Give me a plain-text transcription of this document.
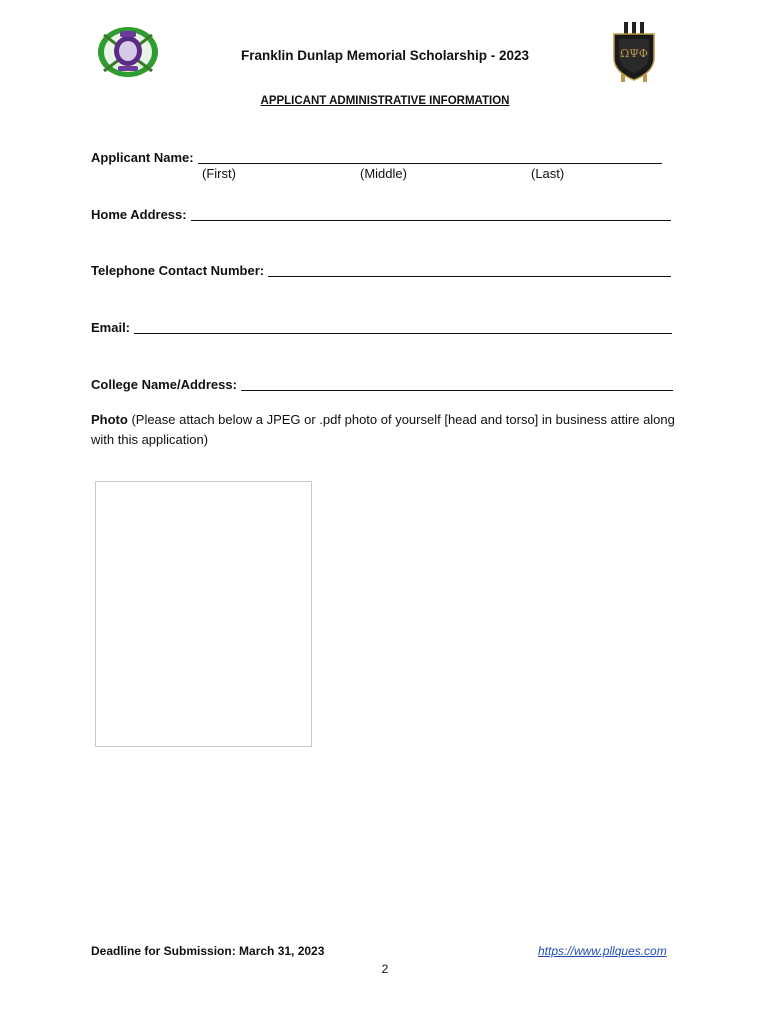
ΩΨΦ
Franklin Dunlap Memorial Scholarship - 2023
APPLICANT ADMINISTRATIVE INFORMATION
Applicant Name:
(First)	(Middle)	(Last)
Home Address:
Telephone Contact Number:
Email:
College Name/Address:
Photo (Please attach below a JPEG or .pdf photo of yourself [head and torso] in business attire along with this application)
Deadline for Submission: March 31, 2023	https://www.pllques.com
2
